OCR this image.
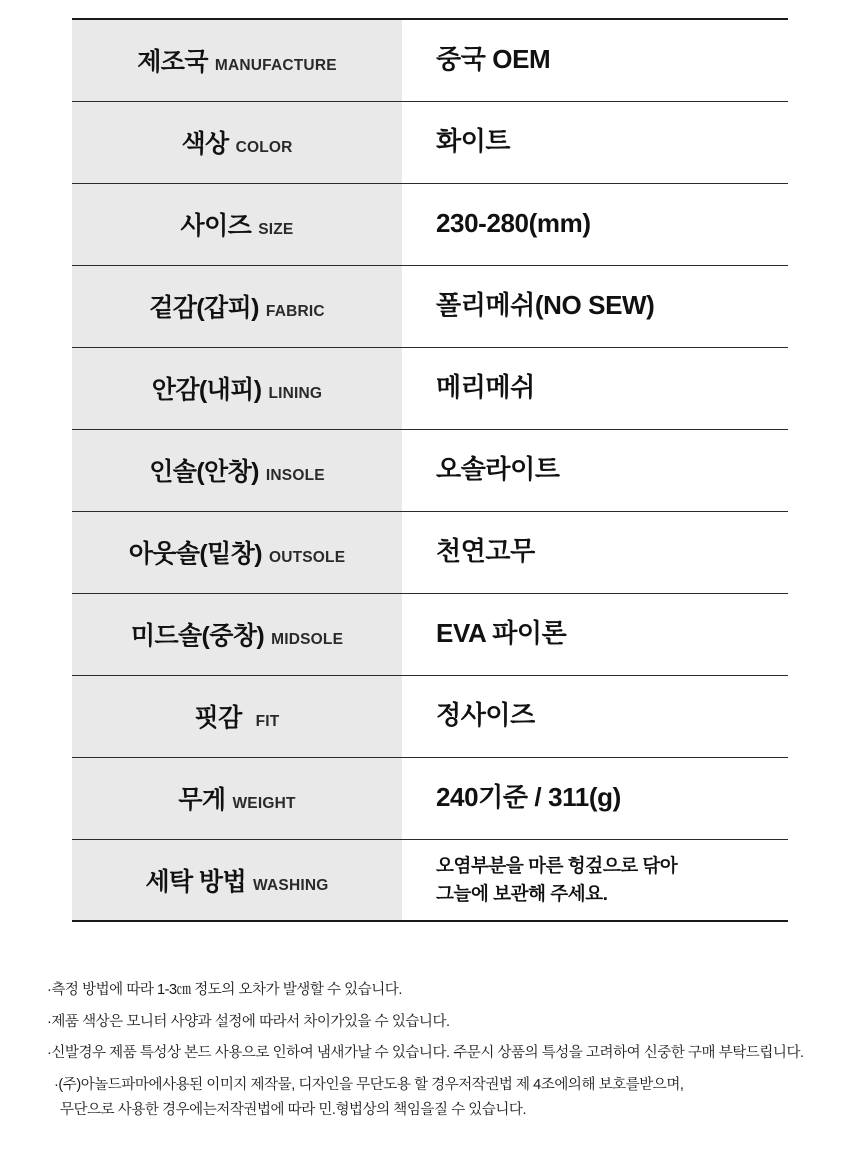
제조국 MANUFACTURE	중국 OEM
색상 COLOR	화이트
사이즈 SIZE	230-280(mm)
겉감(갑피) FABRIC	폴리메쉬(NO SEW)
안감(내피) LINING	메리메쉬
인솔(안창) INSOLE	오솔라이트
아웃솔(밑창) OUTSOLE	천연고무
미드솔(중창) MIDSOLE	EVA 파이론
핏감 FIT	정사이즈
무게 WEIGHT	240기준 / 311(g)
세탁 방법 WASHING	오염부분을 마른 헝겊으로 닦아
그늘에 보관해 주세요.
·측정 방법에 따라 1-3㎝ 정도의 오차가 발생할 수 있습니다.
·제품 색상은 모니터 사양과 설정에 따라서 차이가있을 수 있습니다.
·신발경우 제품 특성상 본드 사용으로 인하여 냄새가날 수 있습니다. 주문시 상품의 특성을 고려하여 신중한 구매 부탁드립니다.
·(주)아놀드파마에사용된 이미지 제작물, 디자인을 무단도용 할 경우저작권법 제 4조에의해 보호를받으며,
무단으로 사용한 경우에는저작권법에 따라 민.형법상의 책임을질 수 있습니다.
